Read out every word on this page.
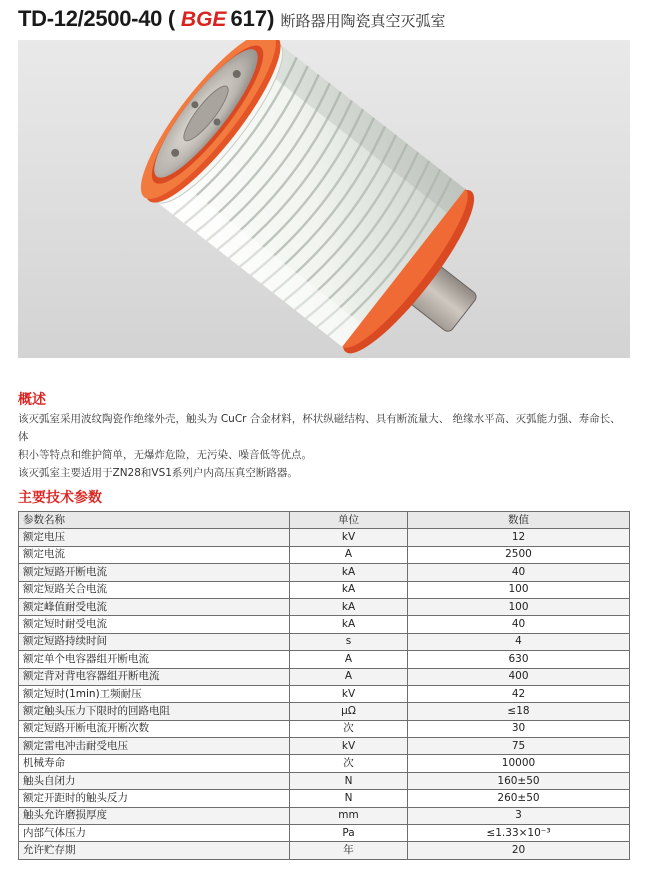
TD-12/2500-40 ( BGE 617) 断路器用陶瓷真空灭弧室
概述
该灭弧室采用波纹陶瓷作绝缘外壳，触头为 CuCr 合金材料，杯状纵磁结构、具有断流量大、 绝缘水平高、灭弧能力强、寿命长、体
积小等特点和维护简单，无爆炸危险，无污染、噪音低等优点。
该灭弧室主要适用于ZN28和VS1系列户内高压真空断路器。
主要技术参数
参数名称	单位	数值
额定电压	kV	12
额定电流	A	2500
额定短路开断电流	kA	40
额定短路关合电流	kA	100
额定峰值耐受电流	kA	100
额定短时耐受电流	kA	40
额定短路持续时间	s	4
额定单个电容器组开断电流	A	630
额定背对背电容器组开断电流	A	400
额定短时(1min)工频耐压	kV	42
额定触头压力下限时的回路电阻	μΩ	≤18
额定短路开断电流开断次数	次	30
额定雷电冲击耐受电压	kV	75
机械寿命	次	10000
触头自闭力	N	160±50
额定开距时的触头反力	N	260±50
触头允许磨损厚度	mm	3
内部气体压力	Pa	≤1.33×10⁻³
允许贮存期	年	20
